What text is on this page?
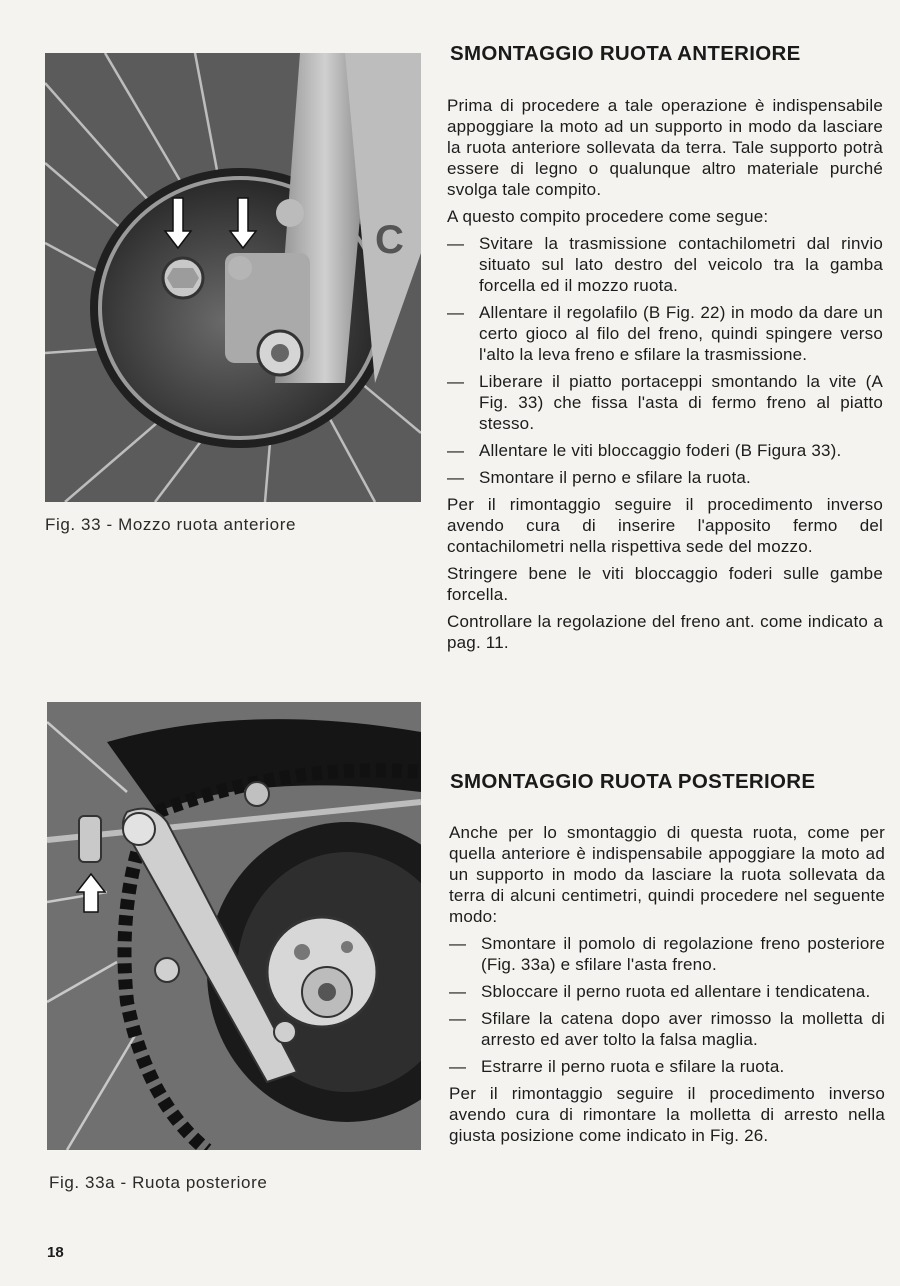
C
Fig. 33 - Mozzo ruota anteriore
Fig. 33a - Ruota posteriore
SMONTAGGIO RUOTA ANTERIORE

Prima di procedere a tale operazione è indispensabile appoggiare la moto ad un supporto in modo da lasciare la ruota anteriore sollevata da terra. Tale supporto potrà essere di legno o qualunque altro materiale purché svolga tale compito.

A questo compito procedere come segue:

— Svitare la trasmissione contachilometri dal rinvio situato sul lato destro del veicolo tra la gamba forcella ed il mozzo ruota.
— Allentare il regolafilo (B Fig. 22) in modo da dare un certo gioco al filo del freno, quindi spingere verso l'alto la leva freno e sfilare la trasmissione.
— Liberare il piatto portaceppi smontando la vite (A Fig. 33) che fissa l'asta di fermo freno al piatto stesso.
— Allentare le viti bloccaggio foderi (B Figura 33).
— Smontare il perno e sfilare la ruota.

Per il rimontaggio seguire il procedimento inverso avendo cura di inserire l'apposito fermo del contachilometri nella rispettiva sede del mozzo.

Stringere bene le viti bloccaggio foderi sulle gambe forcella.

Controllare la regolazione del freno ant. come indicato a pag. 11.

SMONTAGGIO RUOTA POSTERIORE

Anche per lo smontaggio di questa ruota, come per quella anteriore è indispensabile appoggiare la moto ad un supporto in modo da lasciare la ruota sollevata da terra di alcuni centimetri, quindi procedere nel seguente modo:

— Smontare il pomolo di regolazione freno posteriore (Fig. 33a) e sfilare l'asta freno.
— Sbloccare il perno ruota ed allentare i tendicatena.
— Sfilare la catena dopo aver rimosso la molletta di arresto ed aver tolto la falsa maglia.
— Estrarre il perno ruota e sfilare la ruota.

Per il rimontaggio seguire il procedimento inverso avendo cura di rimontare la molletta di arresto nella giusta posizione come indicato in Fig. 26.

18
